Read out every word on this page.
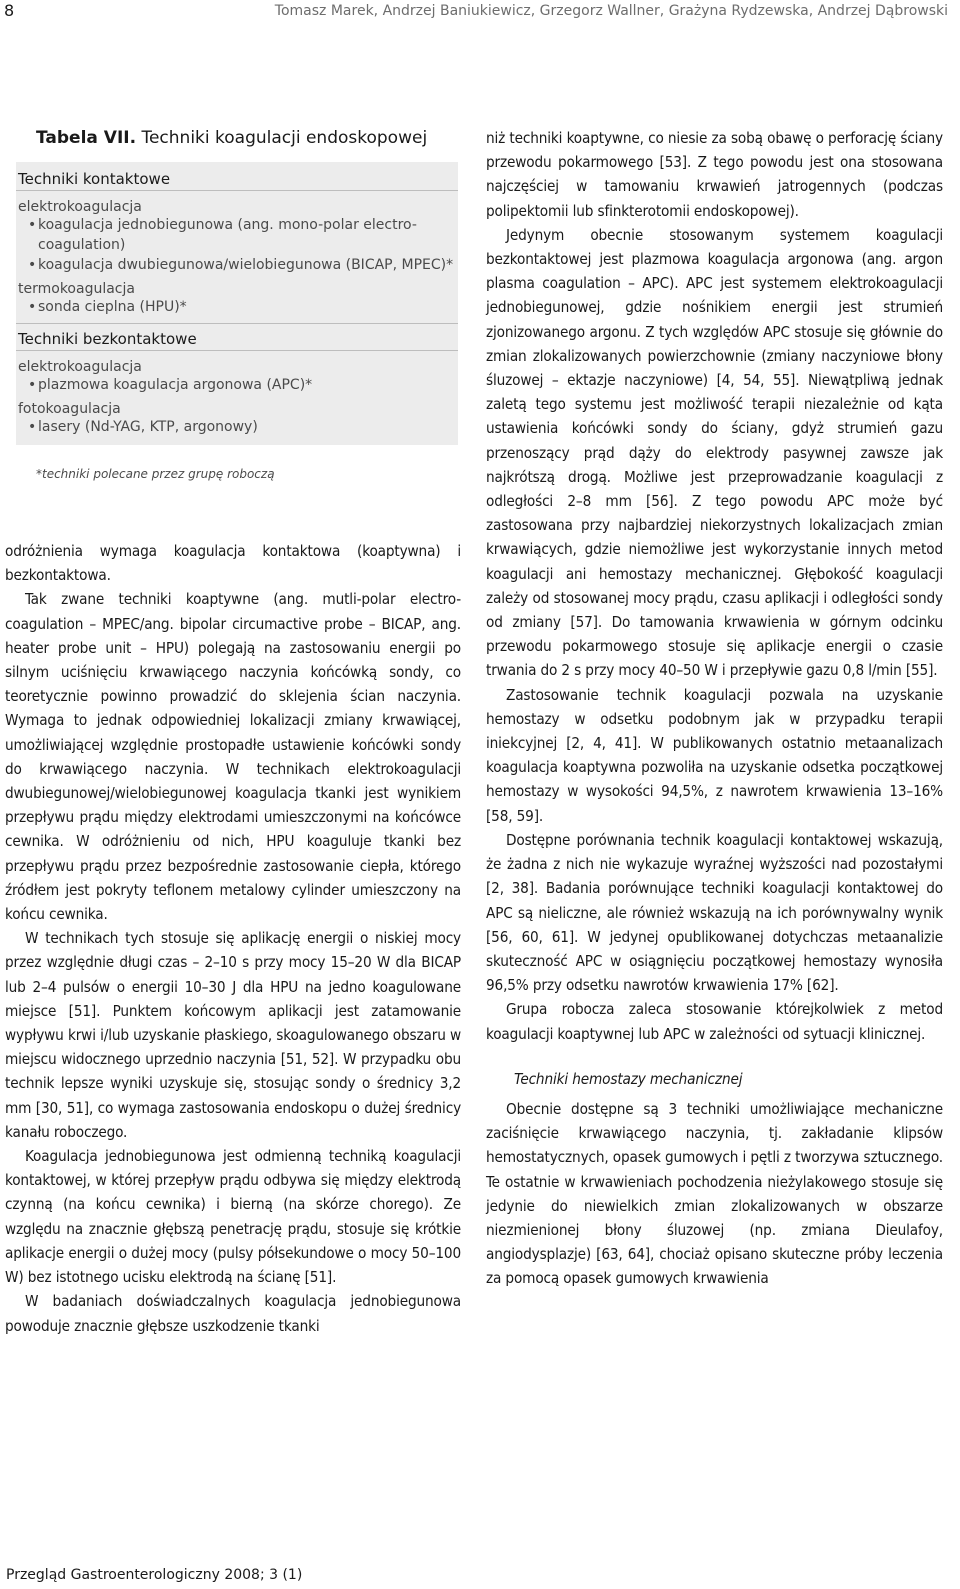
8	Tomasz Marek, Andrzej Baniukiewicz, Grzegorz Wallner, Grażyna Rydzewska, Andrzej Dąbrowski
Tabela VII. Techniki koagulacji endoskopowej
Techniki kontaktowe
elektrokoagulacja
• koagulacja jednobiegunowa (ang. mono-polar electro-coagulation)
• koagulacja dwubiegunowa/wielobiegunowa (BICAP, MPEC)*
termokoagulacja
• sonda cieplna (HPU)*
Techniki bezkontaktowe
elektrokoagulacja
• plazmowa koagulacja argonowa (APC)*
fotokoagulacja
• lasery (Nd-YAG, KTP, argonowy)
*techniki polecane przez grupę roboczą

odróżnienia wymaga koagulacja kontaktowa (koaptywna) i bezkontaktowa.

Tak zwane techniki koaptywne (ang. mutli-polar electro-coagulation – MPEC/ang. bipolar circumactive probe – BICAP, ang. heater probe unit – HPU) polegają na zastosowaniu energii po silnym uciśnięciu krwawiącego naczynia końcówką sondy, co teoretycznie powinno prowadzić do sklejenia ścian naczynia. Wymaga to jednak odpowiedniej lokalizacji zmiany krwawiącej, umożliwiającej względnie prostopadłe ustawienie końcówki sondy do krwawiącego naczynia. W technikach elektrokoagulacji dwubiegunowej/wielobiegunowej koagulacja tkanki jest wynikiem przepływu prądu między elektrodami umieszczonymi na końcówce cewnika. W odróżnieniu od nich, HPU koaguluje tkanki bez przepływu prądu przez bezpośrednie zastosowanie ciepła, którego źródłem jest pokryty teflonem metalowy cylinder umieszczony na końcu cewnika.

W technikach tych stosuje się aplikację energii o niskiej mocy przez względnie długi czas – 2–10 s przy mocy 15–20 W dla BICAP lub 2–4 pulsów o energii 10–30 J dla HPU na jedno koagulowane miejsce [51]. Punktem końcowym aplikacji jest zatamowanie wypływu krwi i/lub uzyskanie płaskiego, skoagulowanego obszaru w miejscu widocznego uprzednio naczynia [51, 52]. W przypadku obu technik lepsze wyniki uzyskuje się, stosując sondy o średnicy 3,2 mm [30, 51], co wymaga zastosowania endoskopu o dużej średnicy kanału roboczego.

Koagulacja jednobiegunowa jest odmienną techniką koagulacji kontaktowej, w której przepływ prądu odbywa się między elektrodą czynną (na końcu cewnika) i bierną (na skórze chorego). Ze względu na znacznie głębszą penetrację prądu, stosuje się krótkie aplikacje energii o dużej mocy (pulsy półsekundowe o mocy 50–100 W) bez istotnego ucisku elektrodą na ścianę [51].

W badaniach doświadczalnych koagulacja jednobiegunowa powoduje znacznie głębsze uszkodzenie tkanki

niż techniki koaptywne, co niesie za sobą obawę o perforację ściany przewodu pokarmowego [53]. Z tego powodu jest ona stosowana najczęściej w tamowaniu krwawień jatrogennych (podczas polipektomii lub sfinkterotomii endoskopowej).

Jedynym obecnie stosowanym systemem koagulacji bezkontaktowej jest plazmowa koagulacja argonowa (ang. argon plasma coagulation – APC). APC jest systemem elektrokoagulacji jednobiegunowej, gdzie nośnikiem energii jest strumień zjonizowanego argonu. Z tych względów APC stosuje się głównie do zmian zlokalizowanych powierzchownie (zmiany naczyniowe błony śluzowej – ektazje naczyniowe) [4, 54, 55]. Niewątpliwą jednak zaletą tego systemu jest możliwość terapii niezależnie od kąta ustawienia końcówki sondy do ściany, gdyż strumień gazu przenoszący prąd dąży do elektrody pasywnej zawsze jak najkrótszą drogą. Możliwe jest przeprowadzanie koagulacji z odległości 2–8 mm [56]. Z tego powodu APC może być zastosowana przy najbardziej niekorzystnych lokalizacjach zmian krwawiących, gdzie niemożliwe jest wykorzystanie innych metod koagulacji ani hemostazy mechanicznej. Głębokość koagulacji zależy od stosowanej mocy prądu, czasu aplikacji i odległości sondy od zmiany [57]. Do tamowania krwawienia w górnym odcinku przewodu pokarmowego stosuje się aplikacje energii o czasie trwania do 2 s przy mocy 40–50 W i przepływie gazu 0,8 l/min [55].

Zastosowanie technik koagulacji pozwala na uzyskanie hemostazy w odsetku podobnym jak w przypadku terapii iniekcyjnej [2, 4, 41]. W publikowanych ostatnio metaanalizach koagulacja koaptywna pozwoliła na uzyskanie odsetka początkowej hemostazy w wysokości 94,5%, z nawrotem krwawienia 13–16% [58, 59].

Dostępne porównania technik koagulacji kontaktowej wskazują, że żadna z nich nie wykazuje wyraźnej wyższości nad pozostałymi [2, 38]. Badania porównujące techniki koagulacji kontaktowej do APC są nieliczne, ale również wskazują na ich porównywalny wynik [56, 60, 61]. W jedynej opublikowanej dotychczas metaanalizie skuteczność APC w osiągnięciu początkowej hemostazy wynosiła 96,5% przy odsetku nawrotów krwawienia 17% [62].

Grupa robocza zaleca stosowanie którejkolwiek z metod koagulacji koaptywnej lub APC w zależności od sytuacji klinicznej.

Techniki hemostazy mechanicznej

Obecnie dostępne są 3 techniki umożliwiające mechaniczne zaciśnięcie krwawiącego naczynia, tj. zakładanie klipsów hemostatycznych, opasek gumowych i pętli z tworzywa sztucznego. Te ostatnie w krwawieniach pochodzenia nieżylakowego stosuje się jedynie do niewielkich zmian zlokalizowanych w obszarze niezmienionej błony śluzowej (np. zmiana Dieulafoy, angiodysplazje) [63, 64], chociaż opisano skuteczne próby leczenia za pomocą opasek gumowych krwawienia

Przegląd Gastroenterologiczny 2008; 3 (1)
